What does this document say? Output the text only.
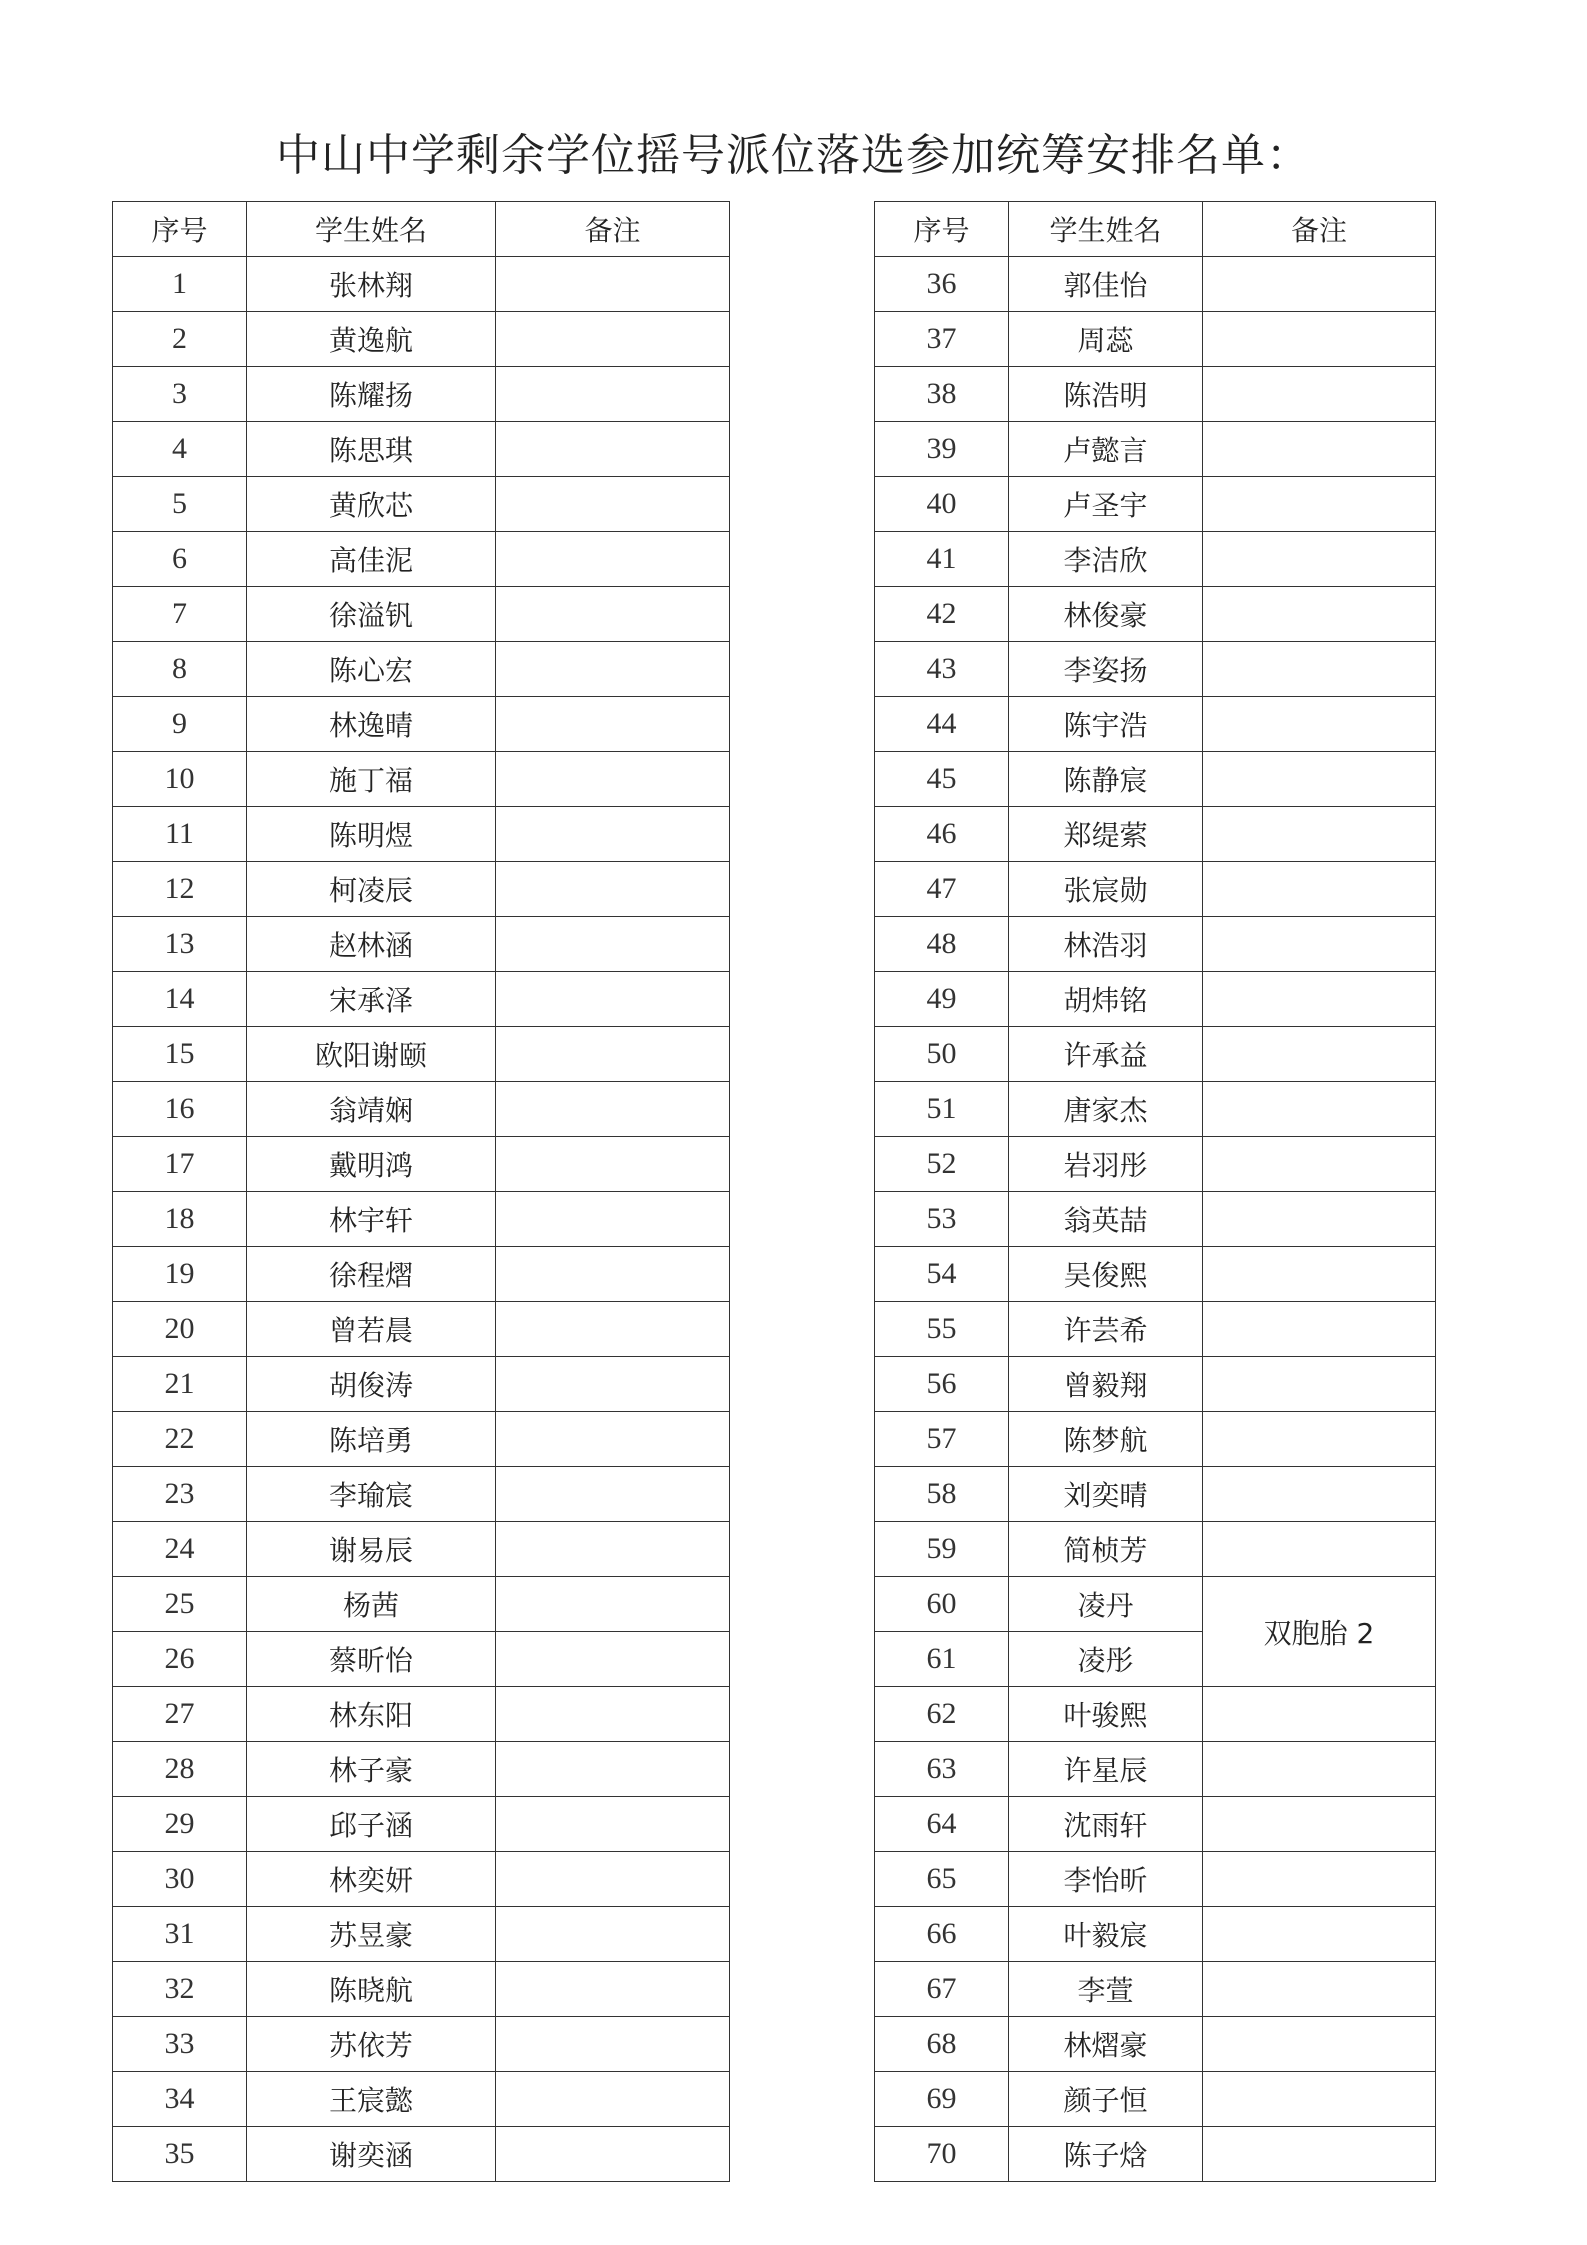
中山中学剩余学位摇号派位落选参加统筹安排名单：
序号	学生姓名	备注
1	张林翔	
2	黄逸航	
3	陈耀扬	
4	陈思琪	
5	黄欣芯	
6	高佳泥	
7	徐溢钒	
8	陈心宏	
9	林逸晴	
10	施丁福	
11	陈明煜	
12	柯凌辰	
13	赵林涵	
14	宋承泽	
15	欧阳谢颐	
16	翁靖娴	
17	戴明鸿	
18	林宇轩	
19	徐程熠	
20	曾若晨	
21	胡俊涛	
22	陈培勇	
23	李瑜宸	
24	谢易辰	
25	杨茜	
26	蔡昕怡	
27	林东阳	
28	林子豪	
29	邱子涵	
30	林奕妍	
31	苏昱豪	
32	陈晓航	
33	苏依芳	
34	王宸懿	
35	谢奕涵	
序号	学生姓名	备注
36	郭佳怡	
37	周蕊	
38	陈浩明	
39	卢懿言	
40	卢圣宇	
41	李洁欣	
42	林俊豪	
43	李姿扬	
44	陈宇浩	
45	陈静宸	
46	郑缇萦	
47	张宸勋	
48	林浩羽	
49	胡炜铭	
50	许承益	
51	唐家杰	
52	岩羽彤	
53	翁英喆	
54	吴俊熙	
55	许芸希	
56	曾毅翔	
57	陈梦航	
58	刘奕晴	
59	简桢芳	
60	凌丹	双胞胎 2
61	凌彤	
62	叶骏熙	
63	许星辰	
64	沈雨轩	
65	李怡昕	
66	叶毅宸	
67	李萱	
68	林熠豪	
69	颜子恒	
70	陈子焓	
